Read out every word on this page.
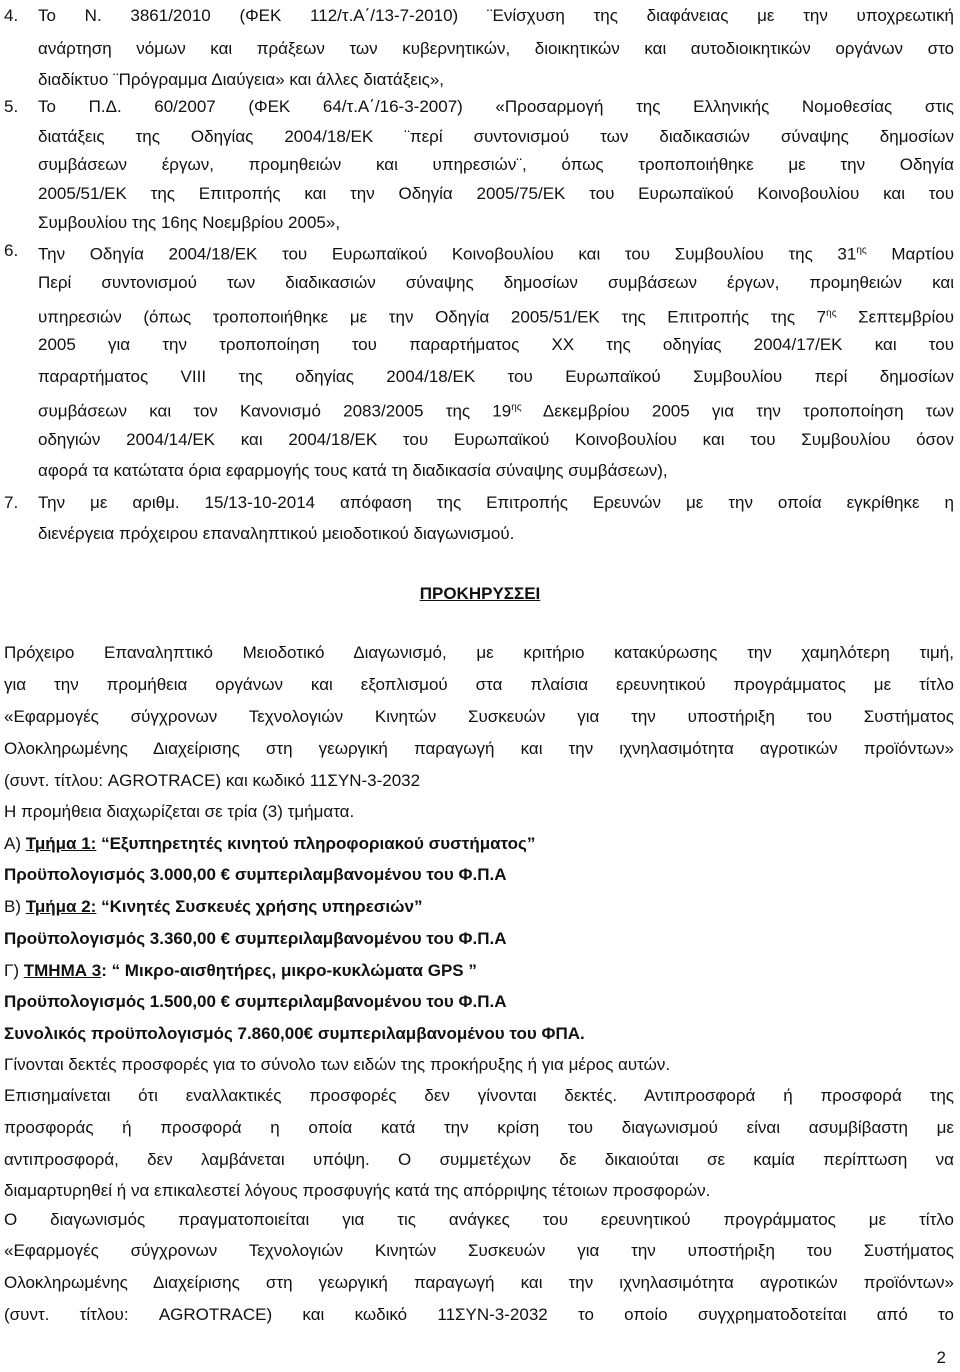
4. Το Ν. 3861/2010 (ΦΕΚ 112/τ.Α΄/13-7-2010) ¨Ενίσχυση της διαφάνειας με την υποχρεωτική
ανάρτηση νόμων και πράξεων των κυβερνητικών, διοικητικών και αυτοδιοικητικών οργάνων στο
διαδίκτυο ¨Πρόγραμμα Διαύγεια» και άλλες διατάξεις»,
5. Το Π.Δ. 60/2007 (ΦΕΚ 64/τ.Α΄/16-3-2007) «Προσαρμογή της Ελληνικής Νομοθεσίας στις
διατάξεις της Οδηγίας 2004/18/ΕΚ ¨περί συντονισμού των διαδικασιών σύναψης δημοσίων
συμβάσεων έργων, προμηθειών και υπηρεσιών¨, όπως τροποποιήθηκε με την Οδηγία
2005/51/ΕΚ της Επιτροπής και την Οδηγία 2005/75/ΕΚ του Ευρωπαϊκού Κοινοβουλίου και του
Συμβουλίου της 16ης Νοεμβρίου 2005»,
6. Την Οδηγία 2004/18/ΕΚ του Ευρωπαϊκού Κοινοβουλίου και του Συμβουλίου της $31^{\eta\varsigma}$ Μαρτίου
Περί συντονισμού των διαδικασιών σύναψης δημοσίων συμβάσεων έργων, προμηθειών και
υπηρεσιών (όπως τροποποιήθηκε με την Οδηγία 2005/51/ΕΚ της Επιτροπής της $7^{\eta\varsigma}$ Σεπτεμβρίου
2005 για την τροποποίηση του παραρτήματος XX της οδηγίας 2004/17/ΕΚ και του
παραρτήματος VIII της οδηγίας 2004/18/ΕΚ του Ευρωπαϊκού Συμβουλίου περί δημοσίων
συμβάσεων και τον Κανονισμό 2083/2005 της $19^{\eta\varsigma}$ Δεκεμβρίου 2005 για την τροποποίηση των
οδηγιών 2004/14/ΕΚ και 2004/18/ΕΚ του Ευρωπαϊκού Κοινοβουλίου και του Συμβουλίου όσον
αφορά τα κατώτατα όρια εφαρμογής τους κατά τη διαδικασία σύναψης συμβάσεων),
7. Την με αριθμ. 15/13-10-2014 απόφαση της Επιτροπής Ερευνών με την οποία εγκρίθηκε η
διενέργεια πρόχειρου επαναληπτικού μειοδοτικού διαγωνισμού.
ΠΡΟΚΗΡΥΣΣΕΙ
Πρόχειρο Επαναληπτικό Μειοδοτικό Διαγωνισμό, με κριτήριο κατακύρωσης την χαμηλότερη τιμή,
για την προμήθεια οργάνων και εξοπλισμού στα πλαίσια ερευνητικού προγράμματος με τίτλο
«Εφαρμογές σύγχρονων Τεχνολογιών Κινητών Συσκευών για την υποστήριξη του Συστήματος
Ολοκληρωμένης Διαχείρισης στη γεωργική παραγωγή και την ιχνηλασιμότητα αγροτικών προϊόντων»
(συντ. τίτλου: AGROTRACE) και κωδικό 11ΣΥΝ-3-2032
Η προμήθεια διαχωρίζεται σε τρία (3) τμήματα.
Α) Τμήμα 1: “Εξυπηρετητές κινητού πληροφοριακού συστήματος”
Προϋπολογισμός 3.000,00 € συμπεριλαμβανομένου του Φ.Π.Α
Β) Τμήμα 2: “Κινητές Συσκευές χρήσης υπηρεσιών”
Προϋπολογισμός 3.360,00 € συμπεριλαμβανομένου του Φ.Π.Α
Γ) ΤΜΗΜΑ 3: “ Μικρο-αισθητήρες, μικρο-κυκλώματα GPS ”
Προϋπολογισμός 1.500,00 € συμπεριλαμβανομένου του Φ.Π.Α
Συνολικός προϋπολογισμός 7.860,00€ συμπεριλαμβανομένου του ΦΠΑ.
Γίνονται δεκτές προσφορές για το σύνολο των ειδών της προκήρυξης ή για μέρος αυτών.
Επισημαίνεται ότι εναλλακτικές προσφορές δεν γίνονται δεκτές. Αντιπροσφορά ή προσφορά της
προσφοράς ή προσφορά η οποία κατά την κρίση του διαγωνισμού είναι ασυμβίβαστη με
αντιπροσφορά, δεν λαμβάνεται υπόψη. Ο συμμετέχων δε δικαιούται σε καμία περίπτωση να
διαμαρτυρηθεί ή να επικαλεστεί λόγους προσφυγής κατά της απόρριψης τέτοιων προσφορών.
Ο διαγωνισμός πραγματοποιείται για τις ανάγκες του ερευνητικού προγράμματος με τίτλο
«Εφαρμογές σύγχρονων Τεχνολογιών Κινητών Συσκευών για την υποστήριξη του Συστήματος
Ολοκληρωμένης Διαχείρισης στη γεωργική παραγωγή και την ιχνηλασιμότητα αγροτικών προϊόντων»
(συντ. τίτλου: AGROTRACE) και κωδικό 11ΣΥΝ-3-2032 το οποίο συγχρηματοδοτείται από το
2
